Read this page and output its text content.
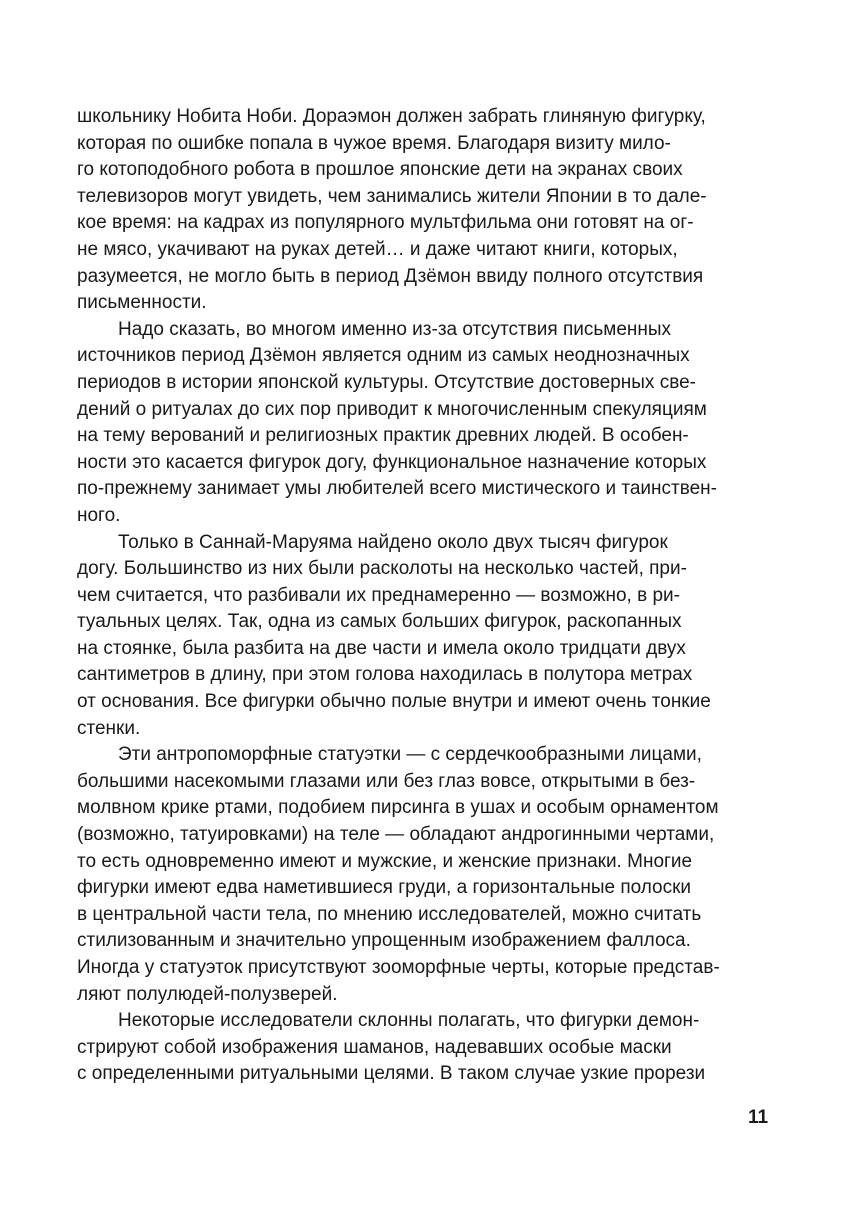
школьнику Нобита Ноби. Дораэмон должен забрать глиняную фигурку,
которая по ошибке попала в чужое время. Благодаря визиту мило-
го котоподобного робота в прошлое японские дети на экранах своих
телевизоров могут увидеть, чем занимались жители Японии в то дале-
кое время: на кадрах из популярного мультфильма они готовят на ог-
не мясо, укачивают на руках детей… и даже читают книги, которых,
разумеется, не могло быть в период Дзёмон ввиду полного отсутствия
письменности.
Надо сказать, во многом именно из-за отсутствия письменных
источников период Дзёмон является одним из самых неоднозначных
периодов в истории японской культуры. Отсутствие достоверных све-
дений о ритуалах до сих пор приводит к многочисленным спекуляциям
на тему верований и религиозных практик древних людей. В особен-
ности это касается фигурок догу, функциональное назначение которых
по-прежнему занимает умы любителей всего мистического и таинствен-
ного.
Только в Саннай-Маруяма найдено около двух тысяч фигурок
догу. Большинство из них были расколоты на несколько частей, при-
чем считается, что разбивали их преднамеренно — возможно, в ри-
туальных целях. Так, одна из самых больших фигурок, раскопанных
на стоянке, была разбита на две части и имела около тридцати двух
сантиметров в длину, при этом голова находилась в полутора метрах
от основания. Все фигурки обычно полые внутри и имеют очень тонкие
стенки.
Эти антропоморфные статуэтки — с сердечкообразными лицами,
большими насекомыми глазами или без глаз вовсе, открытыми в без-
молвном крике ртами, подобием пирсинга в ушах и особым орнаментом
(возможно, татуировками) на теле — обладают андрогинными чертами,
то есть одновременно имеют и мужские, и женские признаки. Многие
фигурки имеют едва наметившиеся груди, а горизонтальные полоски
в центральной части тела, по мнению исследователей, можно считать
стилизованным и значительно упрощенным изображением фаллоса.
Иногда у статуэток присутствуют зооморфные черты, которые представ-
ляют полулюдей-полузверей.
Некоторые исследователи склонны полагать, что фигурки демон-
стрируют собой изображения шаманов, надевавших особые маски
с определенными ритуальными целями. В таком случае узкие прорези
11
